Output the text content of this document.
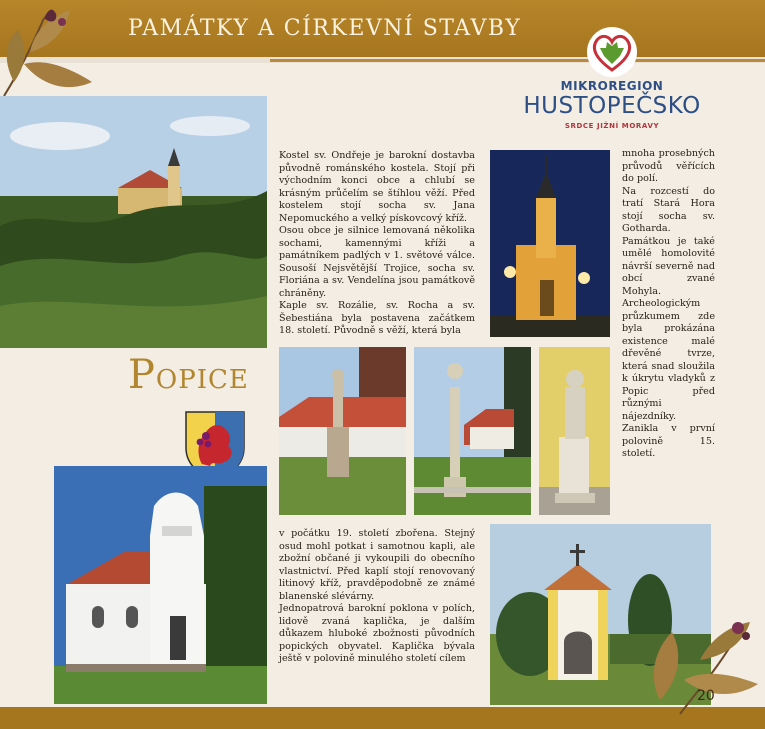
PAMÁTKY A CÍRKEVNÍ STAVBY
MIKROREGION
HUSTOPEČSKO
SRDCE JIŽNÍ MORAVY
POPICE

Kostel sv. Ondřeje je barokní dostavba původně románského kostela. Stojí při východním konci obce a chlubí se krásným průčelím se štíhlou věží. Před kostelem stojí socha sv. Jana Nepomuckého a velký pískovcový kříž.

Osou obce je silnice lemovaná několika sochami, kamennými kříži a památníkem padlých v 1. světové válce. Sousoší Nejsvětější Trojice, socha sv. Floriána a sv. Vendelína jsou památkově chráněny.

Kaple sv. Rozálie, sv. Rocha a sv. Šebestiána byla postavena začátkem 18. století. Původně s věží, která byla

mnoha prosebných průvodů věřících do polí.

Na rozcestí do tratí Stará Hora stojí socha sv. Gotharda.

Památkou je také umělé homolovité návrší severně nad obcí zvané Mohyla. Archeologickým průzkumem zde byla prokázána existence malé dřevěné tvrze, která snad sloužila k úkrytu vladyků z Popic před různými nájezdníky. Zanikla v první polovině 15. století.

v počátku 19. století zbořena. Stejný osud mohl potkat i samotnou kapli, ale zbožní občané ji vykoupili do obecního vlastnictví. Před kaplí stojí renovovaný litinový kříž, pravděpodobně ze známé blanenské slévárny.

Jednopatrová barokní poklona v polích, lidově zvaná kaplička, je dalším důkazem hluboké zbožnosti původních popických obyvatel. Kaplička bývala ještě v polovině minulého století cílem

20
